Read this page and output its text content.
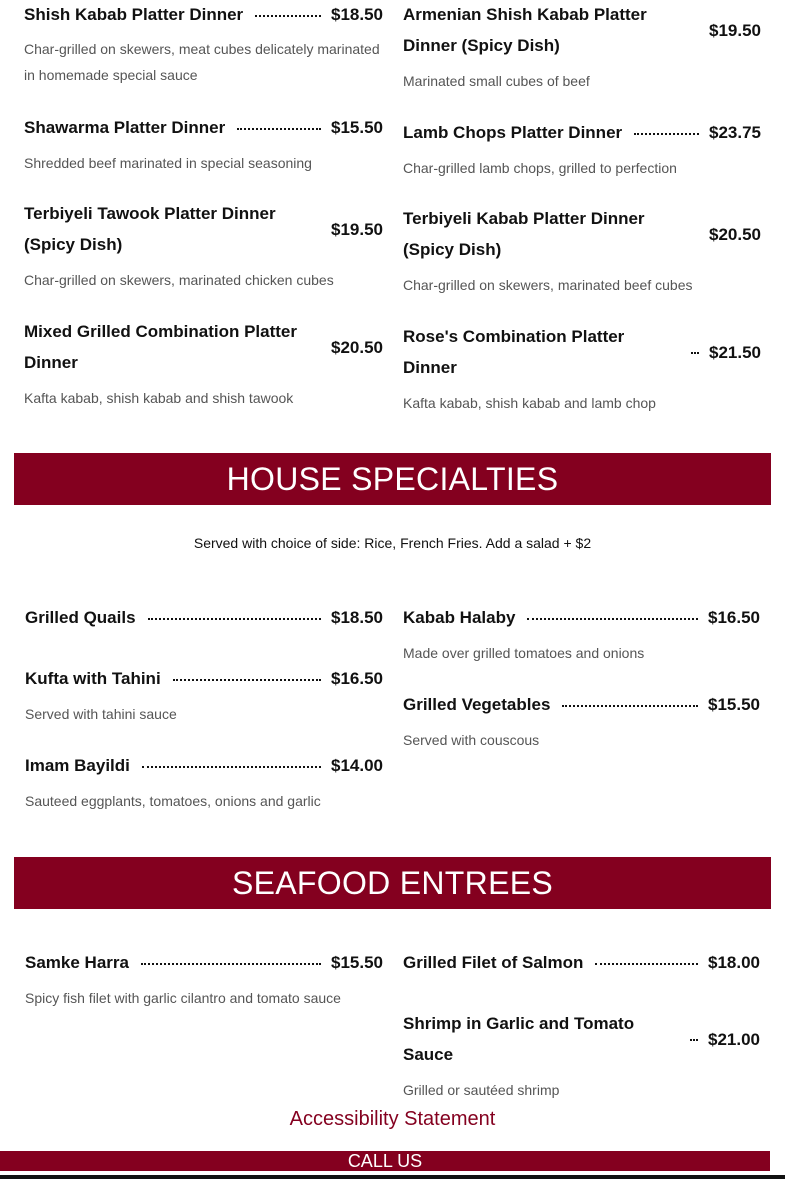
Shish Kabab Platter Dinner	$18.50
Char-grilled on skewers, meat cubes delicately marinated in homemade special sauce
Shawarma Platter Dinner	$15.50
Shredded beef marinated in special seasoning
Terbiyeli Tawook Platter Dinner (Spicy Dish)
$19.50
Char-grilled on skewers, marinated chicken cubes
Mixed Grilled Combination Platter Dinner
$20.50
Kafta kabab, shish kabab and shish tawook
Armenian Shish Kabab Platter Dinner (Spicy Dish)
$19.50
Marinated small cubes of beef
Lamb Chops Platter Dinner	$23.75
Char-grilled lamb chops, grilled to perfection
Terbiyeli Kabab Platter Dinner (Spicy Dish)
$20.50
Char-grilled on skewers, marinated beef cubes
Rose's Combination Platter Dinner
$21.50
Kafta kabab, shish kabab and lamb chop
HOUSE SPECIALTIES
Served with choice of side: Rice, French Fries. Add a salad + $2
Grilled Quails	$18.50
Kufta with Tahini	$16.50
Served with tahini sauce
Imam Bayildi	$14.00
Sauteed eggplants, tomatoes, onions and garlic
Kabab Halaby	$16.50
Made over grilled tomatoes and onions
Grilled Vegetables	$15.50
Served with couscous
SEAFOOD ENTREES
Samke Harra	$15.50
Spicy fish filet with garlic cilantro and tomato sauce
Grilled Filet of Salmon	$18.00
Shrimp in Garlic and Tomato Sauce
$21.00
Grilled or sautéed shrimp
Accessibility Statement
CALL US
